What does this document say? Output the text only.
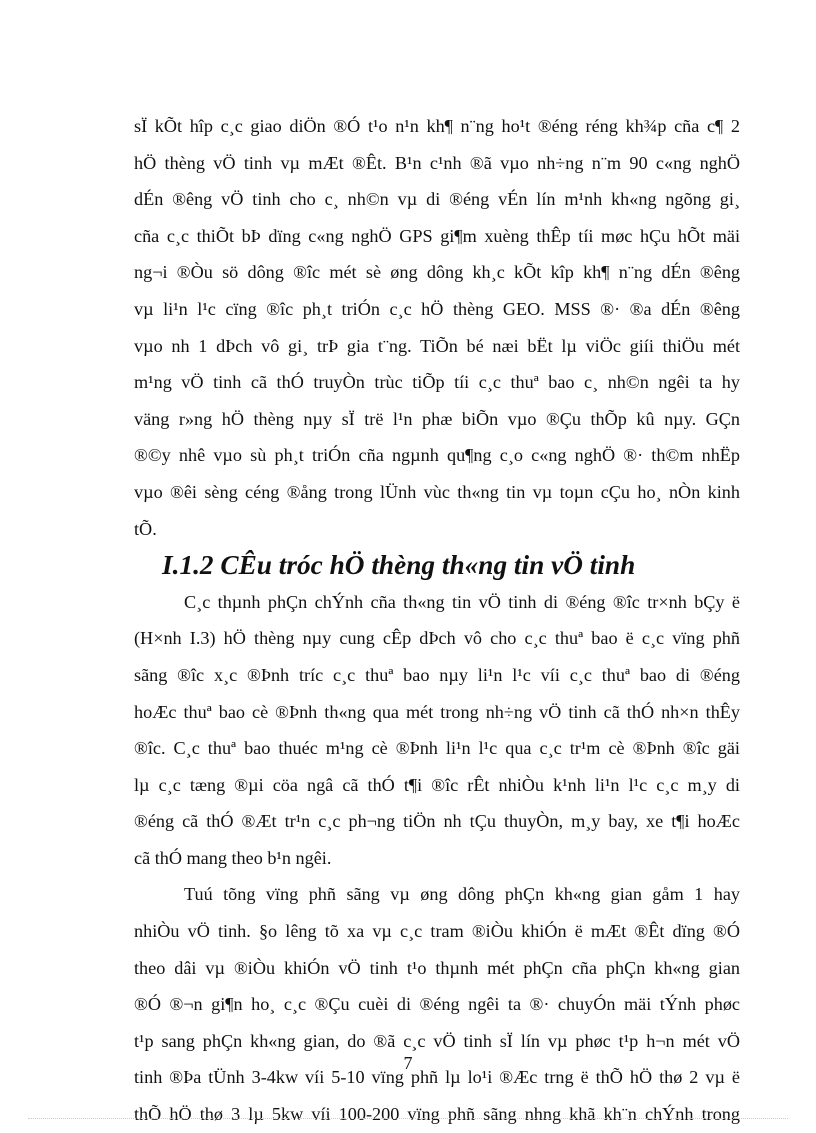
sÏ kÕt hîp c¸c giao diÖn ®Ó t¹o n¹n kh¶ n¨ng ho¹t ®éng réng kh¾p cña c¶ 2
hÖ thèng vÖ tinh vµ mÆt ®Êt. B¹n c¹nh ®ã vµo nh÷ng n¨m 90 c«ng nghÖ
dÉn ®êng vÖ tinh cho c¸ nh©n vµ di ®éng vÉn lín m¹nh kh«ng ngõng gi¸
cña c¸c thiÕt bÞ dïng c«ng nghÖ GPS gi¶m xuèng thÊp tíi møc hÇu hÕt mäi
ng¬i ®Òu sö dông ®îc mét sè øng dông kh¸c kÕt kîp kh¶ n¨ng dÉn ®êng
vµ li¹n l¹c cïng ®îc ph¸t triÓn c¸c hÖ thèng GEO. MSS ®· ®a dÉn ®êng
vµo nh 1 dÞch vô gi¸ trÞ gia t¨ng. TiÕn bé næi bËt lµ viÖc giíi thiÖu mét
m¹ng vÖ tinh cã thÓ truyÒn trùc tiÕp tíi c¸c thuª bao c¸ nh©n ngêi ta hy
väng r»ng hÖ thèng nµy sÏ trë l¹n phæ biÕn vµo ®Çu thÕp kû nµy. GÇn
®©y nhê vµo sù ph¸t triÓn cña ngµnh qu¶ng c¸o c«ng nghÖ ®· th©m nhËp
vµo ®êi sèng céng ®ång trong lÜnh vùc th«ng tin vµ toµn cÇu ho¸ nÒn kinh
tÕ.
I.1.2 CÊu tróc hÖ thèng th«ng tin vÖ tinh
C¸c thµnh phÇn chÝnh cña th«ng tin vÖ tinh di ®éng ®îc tr×nh bÇy ë
(H×nh I.3) hÖ thèng nµy cung cÊp dÞch vô cho c¸c thuª bao ë c¸c vïng phñ
sãng ®îc x¸c ®Þnh tríc c¸c thuª bao nµy li¹n l¹c víi c¸c thuª bao di ®éng
hoÆc thuª bao cè ®Þnh th«ng qua mét trong nh÷ng vÖ tinh cã thÓ nh×n thÊy
®îc. C¸c thuª bao thuéc m¹ng cè ®Þnh li¹n l¹c qua c¸c tr¹m cè ®Þnh ®îc gäi
lµ c¸c tæng ®µi cöa ngâ cã thÓ t¶i ®îc rÊt nhiÒu k¹nh li¹n l¹c c¸c m¸y di
®éng cã thÓ ®Æt tr¹n c¸c ph¬ng tiÖn nh tÇu thuyÒn, m¸y bay, xe t¶i hoÆc
cã thÓ mang theo b¹n ngêi.
Tuú tõng vïng phñ sãng vµ øng dông phÇn kh«ng gian gåm 1 hay
nhiÒu vÖ tinh. §o lêng tõ xa vµ c¸c tram ®iÒu khiÓn ë mÆt ®Êt dïng ®Ó
theo dâi vµ ®iÒu khiÓn vÖ tinh t¹o thµnh mét phÇn cña phÇn kh«ng gian
®Ó ®¬n gi¶n ho¸ c¸c ®Çu cuèi di ®éng ngêi ta ®· chuyÓn mäi tÝnh phøc
t¹p sang phÇn kh«ng gian, do ®ã c¸c vÖ tinh sÏ lín vµ phøc t¹p h¬n mét vÖ
tinh ®Þa tÜnh 3-4kw víi 5-10 vïng phñ lµ lo¹i ®Æc trng ë thÕ hÖ thø 2 vµ ë
thÕ hÖ thø 3 lµ 5kw víi 100-200 vïng phñ sãng nhng khã kh¨n chÝnh trong
7
